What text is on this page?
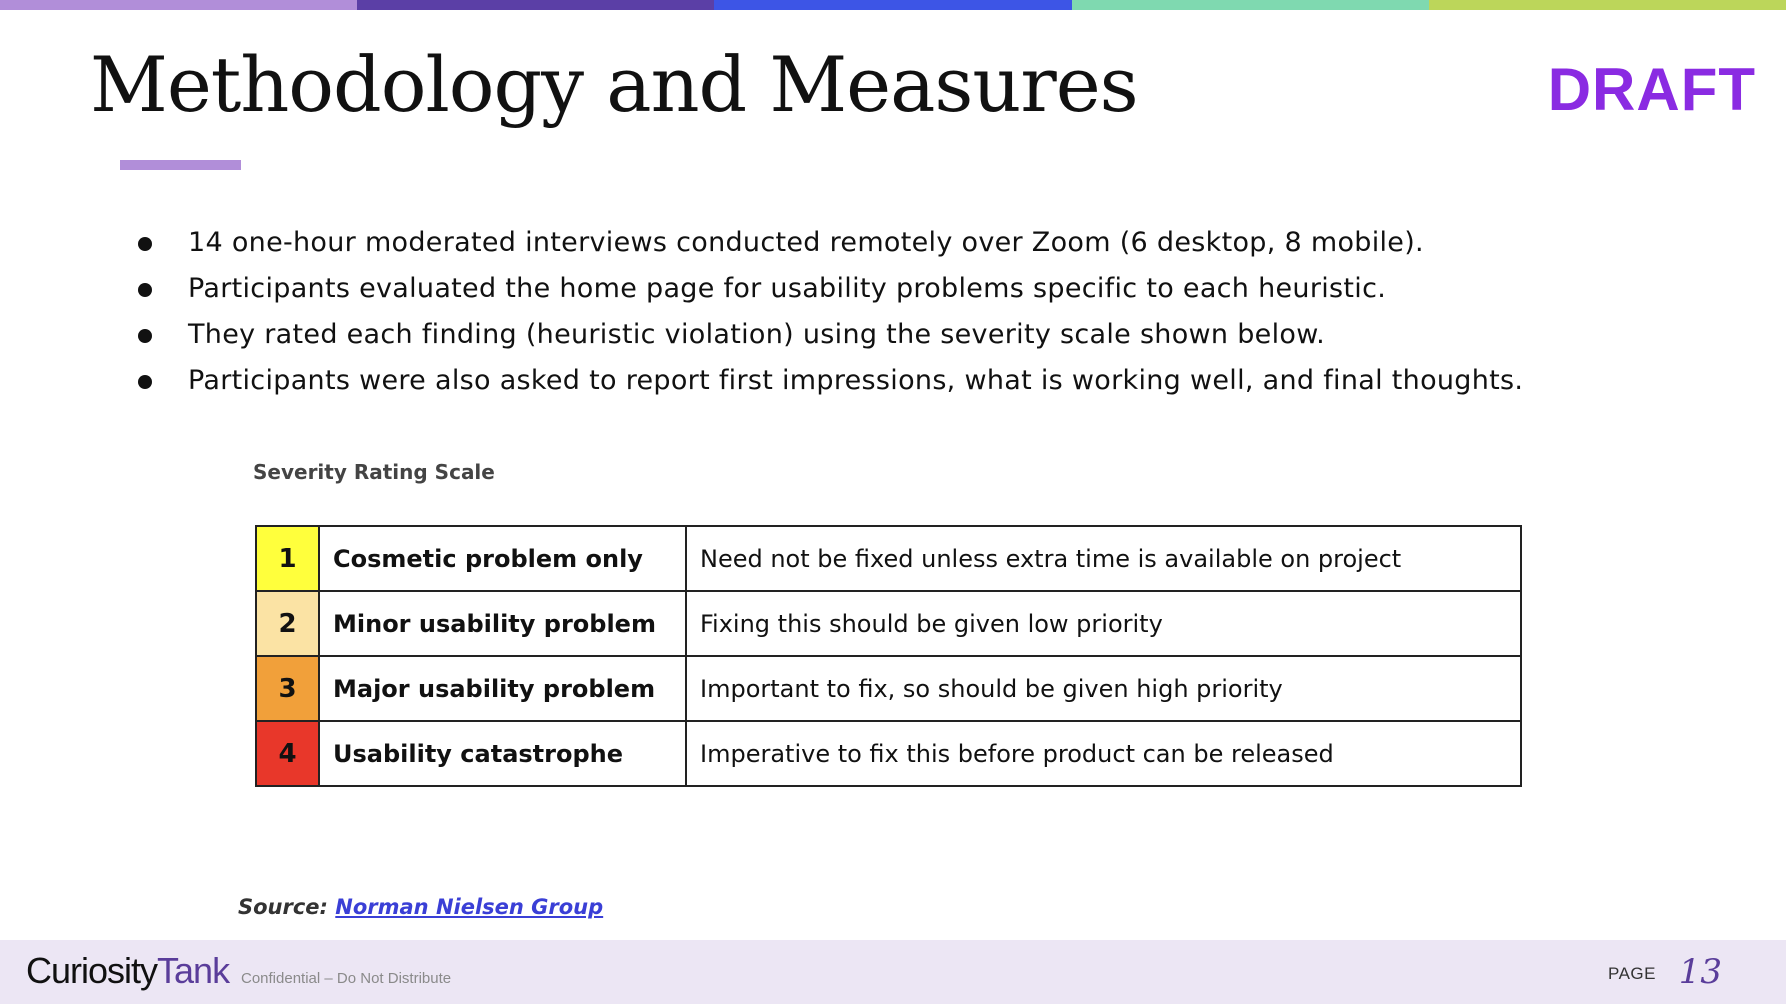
Methodology and Measures	DRAFT
14 one-hour moderated interviews conducted remotely over Zoom (6 desktop, 8 mobile).
Participants evaluated the home page for usability problems specific to each heuristic.
They rated each finding (heuristic violation) using the severity scale shown below.
Participants were also asked to report first impressions, what is working well, and final thoughts.
Severity Rating Scale
1	Cosmetic problem only	Need not be fixed unless extra time is available on project
2	Minor usability problem	Fixing this should be given low priority
3	Major usability problem	Important to fix, so should be given high priority
4	Usability catastrophe	Imperative to fix this before product can be released
Source: Norman Nielsen Group
CuriosityTank Confidential – Do Not Distribute	PAGE 13
